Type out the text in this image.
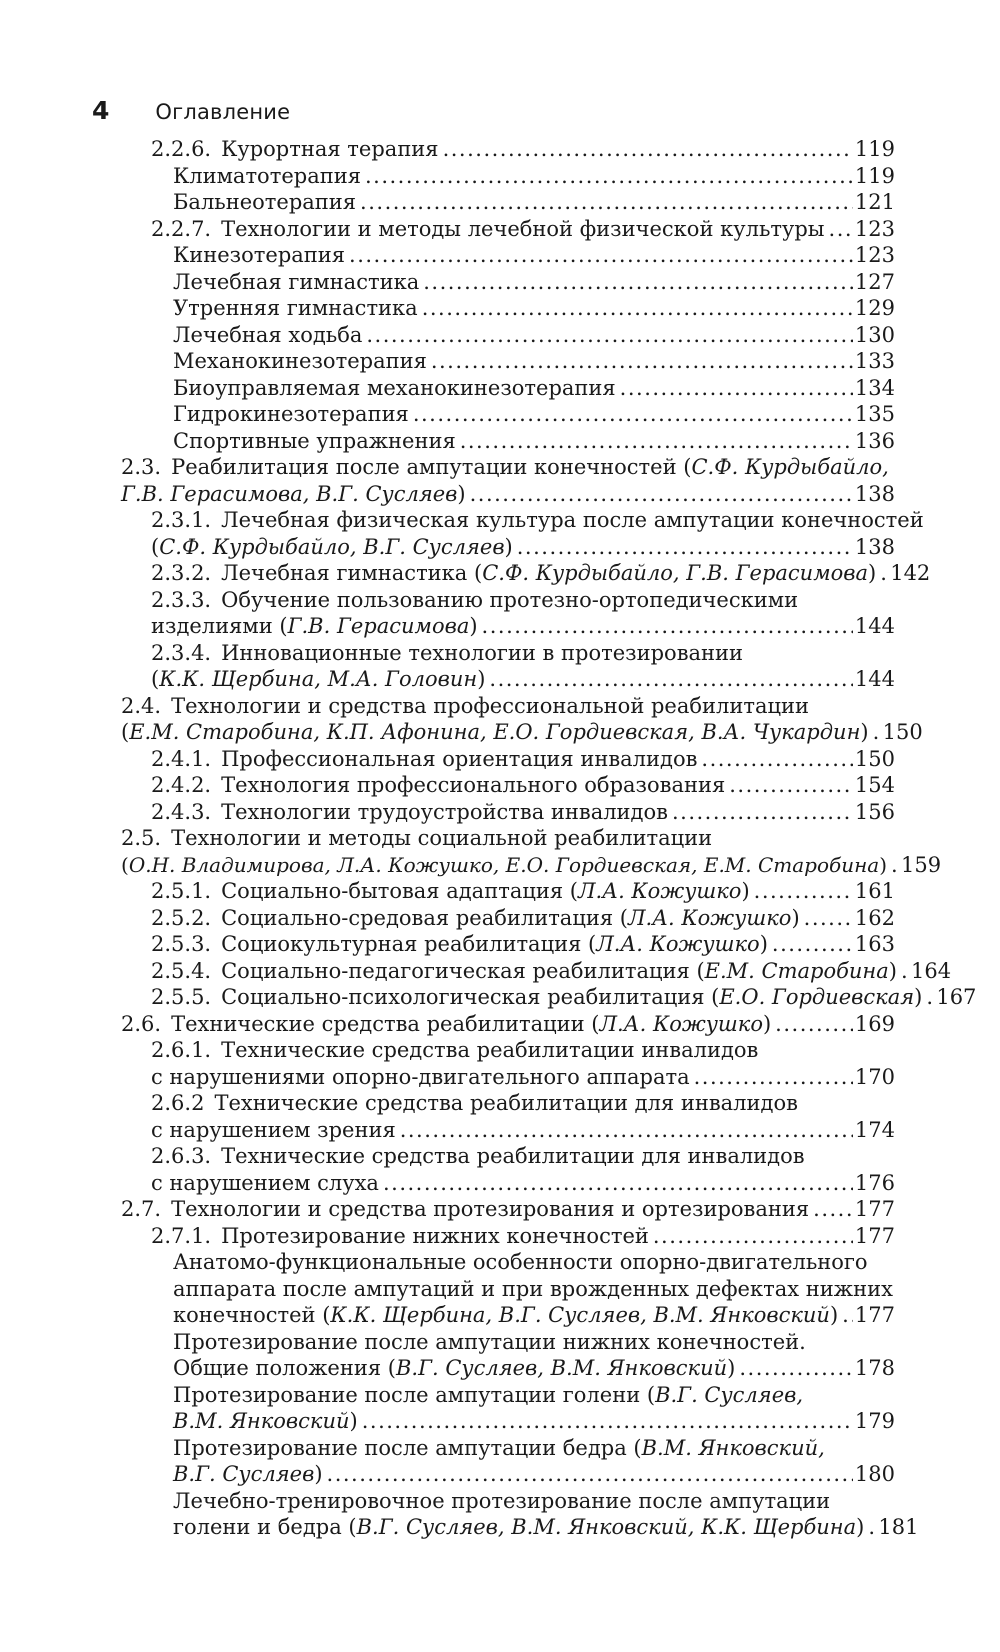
4 Оглавление
2.2.6. Курортная терапия .....	119
Климатотерапия .....	119
Бальнеотерапия .....	121
2.2.7. Технологии и методы лечебной физической культуры ..... 123
Кинезотерапия .....	123
Лечебная гимнастика .....	127
Утренняя гимнастика .....	129
Лечебная ходьба .....	130
Механокинезотерапия .....	133
Биоуправляемая механокинезотерапия .....	134
Гидрокинезотерапия .....	135
Спортивные упражнения .....	136
2.3. Реабилитация после ампутации конечностей (С.Ф. Курдыбайло,
Г.В. Герасимова, В.Г. Сусляев) .....	138
2.3.1. Лечебная физическая культура после ампутации конечностей
(С.Ф. Курдыбайло, В.Г. Сусляев) .....	138
2.3.2. Лечебная гимнастика (С.Ф. Курдыбайло, Г.В. Герасимова) ..... 142
2.3.3. Обучение пользованию протезно-ортопедическими
изделиями (Г.В. Герасимова) .....	144
2.3.4. Инновационные технологии в протезировании
(К.К. Щербина, М.А. Головин) .....	144
2.4. Технологии и средства профессиональной реабилитации
(Е.М. Старобина, К.П. Афонина, Е.О. Гордиевская, В.А. Чукардин) ..... 150
2.4.1. Профессиональная ориентация инвалидов .....	150
2.4.2. Технология профессионального образования .....	154
2.4.3. Технологии трудоустройства инвалидов .....	156
2.5. Технологии и методы социальной реабилитации
(О.Н. Владимирова, Л.А. Кожушко, Е.О. Гордиевская, Е.М. Старобина) ..... 159
2.5.1. Социально-бытовая адаптация (Л.А. Кожушко) .....	161
2.5.2. Социально-средовая реабилитация (Л.А. Кожушко) .....	162
2.5.3. Социокультурная реабилитация (Л.А. Кожушко) .....	163
2.5.4. Социально-педагогическая реабилитация (Е.М. Старобина) ..... 164
2.5.5. Социально-психологическая реабилитация (Е.О. Гордиевская) ..... 167
2.6. Технические средства реабилитации (Л.А. Кожушко) .....	169
2.6.1. Технические средства реабилитации инвалидов
с нарушениями опорно-двигательного аппарата .....	170
2.6.2 Технические средства реабилитации для инвалидов
с нарушением зрения .....	174
2.6.3. Технические средства реабилитации для инвалидов
с нарушением слуха .....	176
2.7. Технологии и средства протезирования и ортезирования ..... 177
2.7.1. Протезирование нижних конечностей .....	177
Анатомо-функциональные особенности опорно-двигательного
аппарата после ампутаций и при врожденных дефектах нижних
конечностей (К.К. Щербина, В.Г. Сусляев, В.М. Янковский) ..... 177
Протезирование после ампутации нижних конечностей.
Общие положения (В.Г. Сусляев, В.М. Янковский) .....	178
Протезирование после ампутации голени (В.Г. Сусляев,
В.М. Янковский) .....	179
Протезирование после ампутации бедра (В.М. Янковский,
В.Г. Сусляев) .....	180
Лечебно-тренировочное протезирование после ампутации
голени и бедра (В.Г. Сусляев, В.М. Янковский, К.К. Щербина) ..... 181
